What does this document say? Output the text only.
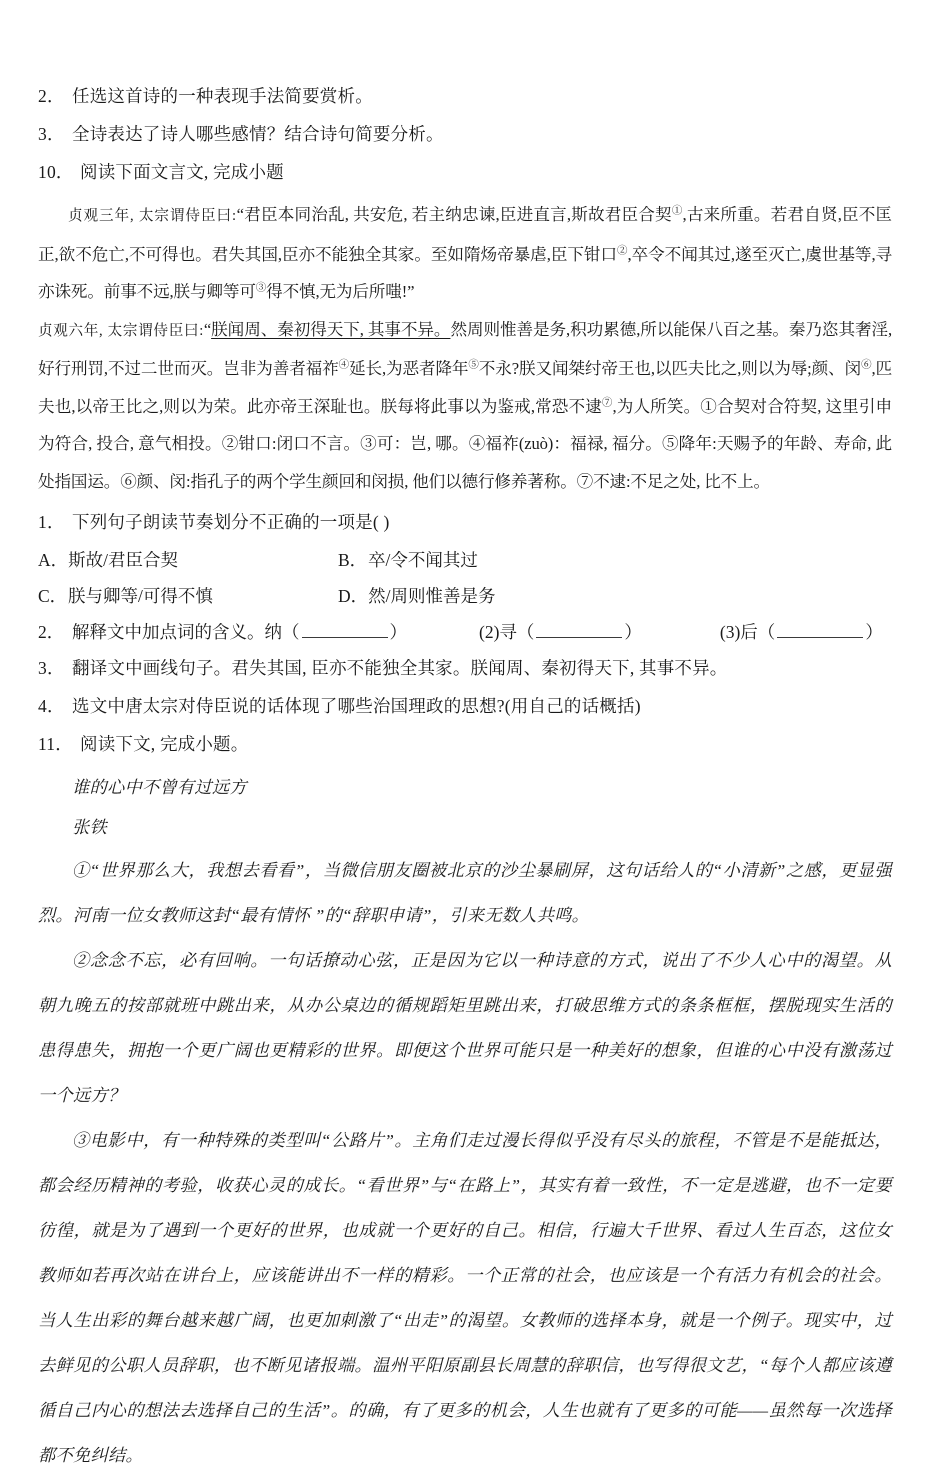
2． 任选这首诗的一种表现手法简要赏析。
3． 全诗表达了诗人哪些感情？结合诗句简要分析。
10． 阅读下面文言文, 完成小题

贞观三年, 太宗谓侍臣曰:“君臣本同治乱, 共安危, 若主纳忠谏,臣进直言,斯故君臣合契①,古来所重。若君自贤,臣不匡正,欲不危亡,不可得也。君失其国,臣亦不能独全其家。至如隋炀帝暴虐,臣下钳口②,卒令不闻其过,遂至灭亡,虞世基等,寻亦诛死。前事不远,朕与卿等可③得不慎,无为后所嗤!”

贞观六年, 太宗谓侍臣曰:“朕闻周、秦初得天下, 其事不异。然周则惟善是务,积功累德,所以能保八百之基。秦乃恣其奢淫,好行刑罚,不过二世而灭。岂非为善者福祚④延长,为恶者降年⑤不永?朕又闻桀纣帝王也,以匹夫比之,则以为辱;颜、闵⑥,匹夫也,以帝王比之,则以为荣。此亦帝王深耻也。朕每将此事以为鉴戒,常恐不逮⑦,为人所笑。①合契对合符契, 这里引申为符合, 投合, 意气相投。②钳口:闭口不言。③可：岂, 哪。④福祚(zuò)：福禄, 福分。⑤降年:天赐予的年龄、寿命, 此处指国运。⑥颜、闵:指孔子的两个学生颜回和闵损, 他们以德行修养著称。⑦不逮:不足之处, 比不上。

1． 下列句子朗读节奏划分不正确的一项是( )
A． 斯故/君臣合契	B． 卒/令不闻其过
C． 朕与卿等/可得不慎	D． 然/周则惟善是务
2． 解释文中加点词的含义。纳（	）	(2)寻（	）	(3)后（	）
3． 翻译文中画线句子。君失其国, 臣亦不能独全其家。朕闻周、秦初得天下, 其事不异。
4． 选文中唐太宗对侍臣说的话体现了哪些治国理政的思想?(用自己的话概括)
11． 阅读下文, 完成小题。

谁的心中不曾有过远方

张铁

①“世界那么大，我想去看看”，当微信朋友圈被北京的沙尘暴刷屏，这句话给人的“小清新”之感，更显强烈。河南一位女教师这封“最有情怀 ”的“辞职申请”，引来无数人共鸣。

②念念不忘，必有回响。一句话撩动心弦，正是因为它以一种诗意的方式，说出了不少人心中的渴望。从朝九晚五的按部就班中跳出来，从办公桌边的循规蹈矩里跳出来，打破思维方式的条条框框，摆脱现实生活的患得患失，拥抱一个更广阔也更精彩的世界。即便这个世界可能只是一种美好的想象，但谁的心中没有激荡过一个远方？

③电影中，有一种特殊的类型叫“公路片”。主角们走过漫长得似乎没有尽头的旅程，不管是不是能抵达，都会经历精神的考验，收获心灵的成长。“看世界”与“在路上”，其实有着一致性，不一定是逃避，也不一定要彷徨，就是为了遇到一个更好的世界，也成就一个更好的自己。相信，行遍大千世界、看过人生百态，这位女教师如若再次站在讲台上，应该能讲出不一样的精彩。一个正常的社会，也应该是一个有活力有机会的社会。当人生出彩的舞台越来越广阔，也更加刺激了“出走”的渴望。女教师的选择本身，就是一个例子。现实中，过去鲜见的公职人员辞职，也不断见诸报端。温州平阳原副县长周慧的辞职信，也写得很文艺，“每个人都应该遵循自己内心的想法去选择自己的生活”。的确，有了更多的机会，人生也就有了更多的可能——虽然每一次选择都不免纠结。
